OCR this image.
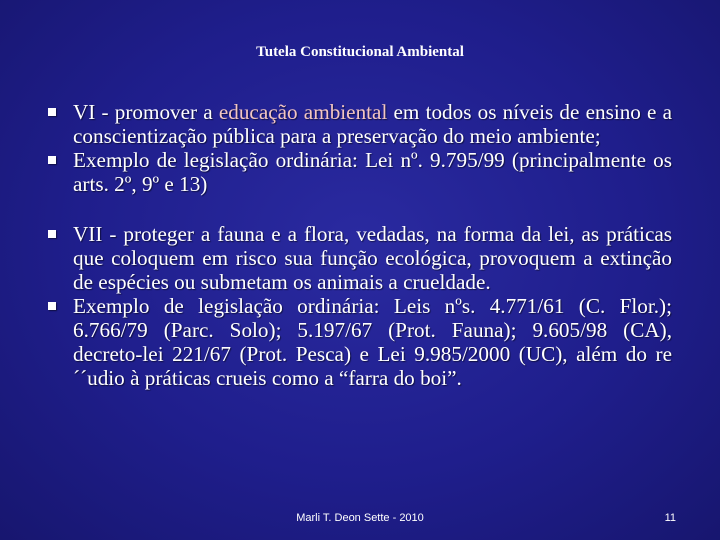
Tutela Constitucional Ambiental
VI - promover a educação ambiental em todos os níveis de ensino e a conscientização pública para a preservação do meio ambiente;
Exemplo de legislação ordinária: Lei nº. 9.795/99 (principalmente os arts. 2º, 9º e 13)
VII - proteger a fauna e a flora, vedadas, na forma da lei, as práticas que coloquem em risco sua função ecológica, provoquem a extinção de espécies ou submetam os animais a crueldade.
Exemplo de legislação ordinária: Leis nºs. 4.771/61 (C. Flor.); 6.766/79 (Parc. Solo); 5.197/67 (Prot. Fauna); 9.605/98 (CA), decreto-lei 221/67 (Prot. Pesca) e Lei 9.985/2000 (UC), além do re´´udio à práticas crueis como a “farra do boi”.
Marli T. Deon Sette - 2010	11
